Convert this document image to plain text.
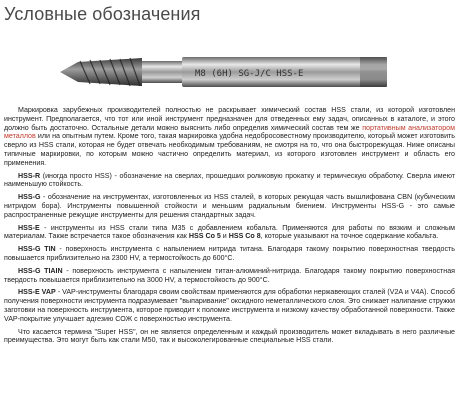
Условные обозначения
M8 (6H) SG-J/C HSS-E

Маркировка зарубежных производителей полностью не раскрывает химический состав HSS стали, из которой изготовлен инструмент. Предполагается, что тот или иной инструмент предназначен для отведенных ему задач, описанных в каталоге, и этого должно быть достаточно. Остальные детали можно выяснить либо определив химический состав тем же портативным анализатором металлов или на опытным путем. Кроме того, такая маркировка удобна недобросовестному производителю, который может изготовить сверло из HSS стали, которая не будет отвечать необходимым требованиям, не смотря на то, что она быстрорежущая. Ниже описаны типичные маркировки, по которым можно частично определить материал, из которого изготовлен инструмент и область его применения.

HSS-R (иногда просто HSS) - обозначение на сверлах, прошедших роликовую прокатку и термическую обработку. Сверла имеют наименьшую стойкость.

HSS-G - обозначение на инструментах, изготовленных из HSS сталей, в которых режущая часть вышлифована CBN (кубическим нитридом бора). Инструменты повышенной стойкости и меньшим радиальным биением. Инструменты HSS-G - это самые распространенные режущие инструменты для решения стандартных задач.

HSS-E - инструменты из HSS стали типа М35 с добавлением кобальта. Применяются для работы по вязким и сложным материалам. Также встречается такое обозначения как HSS Co 5 и HSS Co 8, которые указывают на точное содержание кобальта.

HSS-G TIN - поверхность инструмента с напылением нитрида титана. Благодаря такому покрытию поверхностная твердость повышается приблизительно на 2300 HV, а термостойкость до 600°C.

HSS-G TIAIN - поверхность инструмента с напылением титан-алюминий-нитрида. Благодаря такому покрытию поверхностная твердость повышается приблизительно на 3000 HV, а термостойкость до 900°C.

HSS-E VAP - VAP-инструменты благодаря своим свойствам применяются для обработки нержавеющих сталей (V2A и V4A). Способ получения поверхности инструмента подразумевает "выпаривание" оксидного неметаллического слоя. Это снижает налипание стружки заготовки на поверхность инструмента, которое приводит к поломке инструмента и низкому качеству обработанной поверхности. Также VAP-покрытие улучшает адгезию СОЖ с поверхностью инструмента.

Что касается термина "Super HSS", он не является определенным и каждый производитель может вкладывать в него различные преимущества. Это могут быть как стали М50, так и высоколегированные специальные HSS стали.
